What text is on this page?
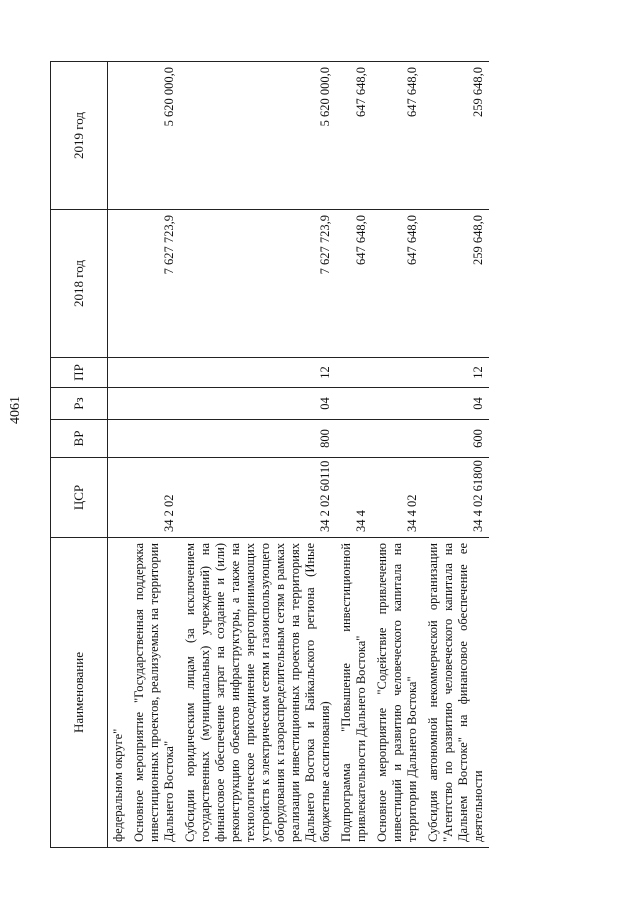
4061
Наименование	ЦСР	ВР	Рз	ПР	2018 год	2019 год
федеральном округе"						
Основное мероприятие "Государственная поддержка инвестиционных проектов, реализуемых на территории Дальнего Востока"	34 2 02				7 627 723,9	5 620 000,0
Субсидии юридическим лицам (за исключением государственных (муниципальных) учреждений) на финансовое обеспечение затрат на создание и (или) реконструкцию объектов инфраструктуры, а также на технологическое присоединение энергопринимающих устройств к электрическим сетям и газоиспользующего оборудования к газораспределительным сетям в рамках реализации инвестиционных проектов на территориях Дальнего Востока и Байкальского региона (Иные бюджетные ассигнования)	34 2 02 60110	800	04	12	7 627 723,9	5 620 000,0
Подпрограмма "Повышение инвестиционной привлекательности Дальнего Востока"	34 4				647 648,0	647 648,0
Основное мероприятие "Содействие привлечению инвестиций и развитию человеческого капитала на территории Дальнего Востока"	34 4 02				647 648,0	647 648,0
Субсидия автономной некоммерческой организации "Агентство по развитию человеческого капитала на Дальнем Востоке" на финансовое обеспечение ее деятельности	34 4 02 61800	600	04	12	259 648,0	259 648,0
